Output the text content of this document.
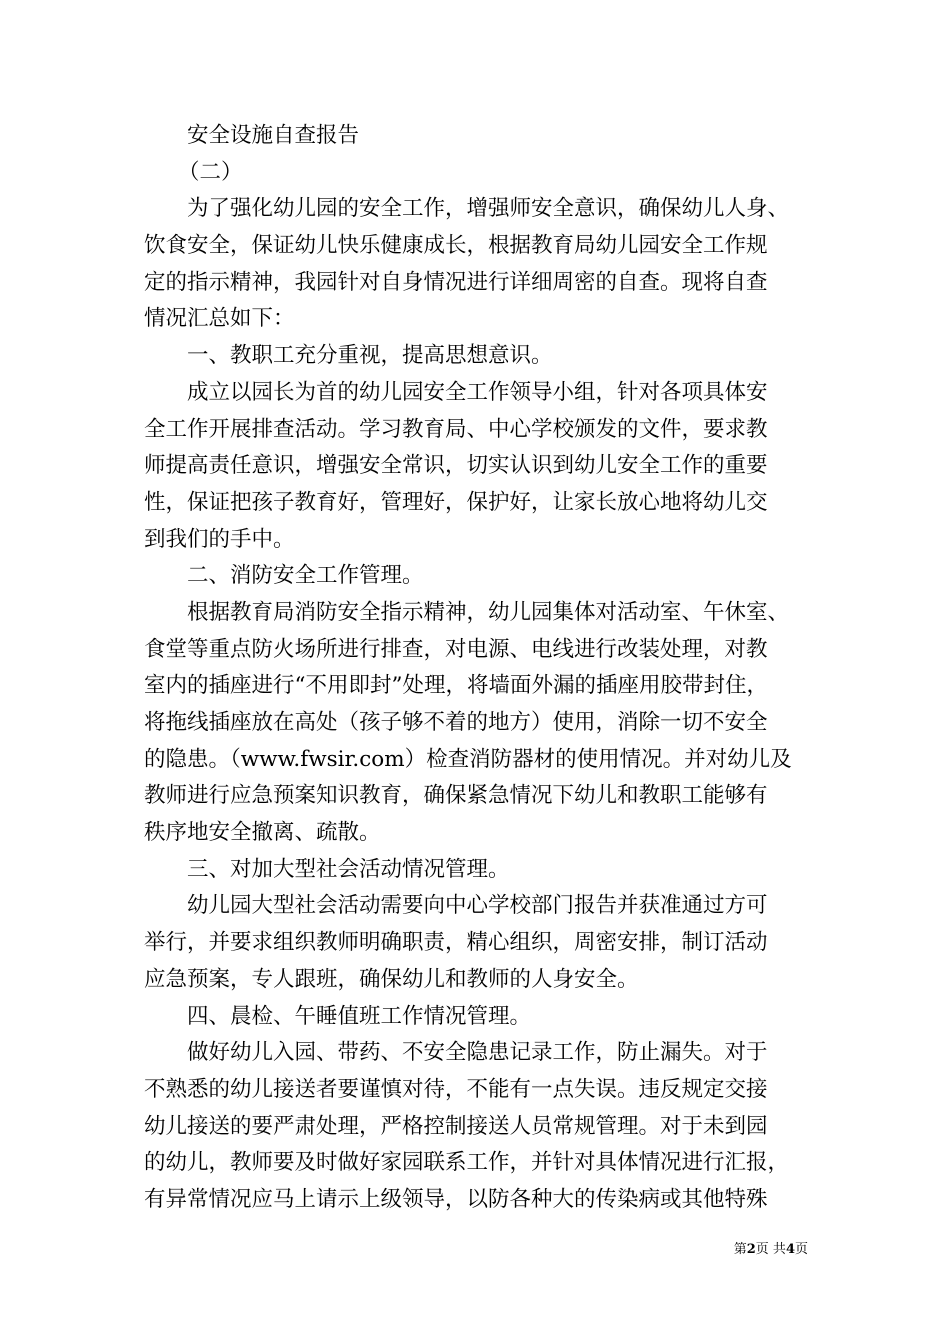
安全设施自查报告
（二）
为了强化幼儿园的安全工作，增强师安全意识，确保幼儿人身、
饮食安全，保证幼儿快乐健康成长，根据教育局幼儿园安全工作规
定的指示精神，我园针对自身情况进行详细周密的自查。现将自查
情况汇总如下：
一、教职工充分重视，提高思想意识。
成立以园长为首的幼儿园安全工作领导小组，针对各项具体安
全工作开展排查活动。学习教育局、中心学校颁发的文件，要求教
师提高责任意识，增强安全常识，切实认识到幼儿安全工作的重要
性，保证把孩子教育好，管理好，保护好，让家长放心地将幼儿交
到我们的手中。
二、消防安全工作管理。
根据教育局消防安全指示精神，幼儿园集体对活动室、午休室、
食堂等重点防火场所进行排查，对电源、电线进行改装处理，对教
室内的插座进行“不用即封”处理，将墙面外漏的插座用胶带封住，
将拖线插座放在高处（孩子够不着的地方）使用，消除一切不安全
的隐患。（www.fwsir.com）检查消防器材的使用情况。并对幼儿及
教师进行应急预案知识教育，确保紧急情况下幼儿和教职工能够有
秩序地安全撤离、疏散。
三、对加大型社会活动情况管理。
幼儿园大型社会活动需要向中心学校部门报告并获准通过方可
举行，并要求组织教师明确职责，精心组织，周密安排，制订活动
应急预案，专人跟班，确保幼儿和教师的人身安全。
四、晨检、午睡值班工作情况管理。
做好幼儿入园、带药、不安全隐患记录工作，防止漏失。对于
不熟悉的幼儿接送者要谨慎对待，不能有一点失误。违反规定交接
幼儿接送的要严肃处理，严格控制接送人员常规管理。对于未到园
的幼儿，教师要及时做好家园联系工作，并针对具体情况进行汇报，
有异常情况应马上请示上级领导，以防各种大的传染病或其他特殊
第2页 共4页
